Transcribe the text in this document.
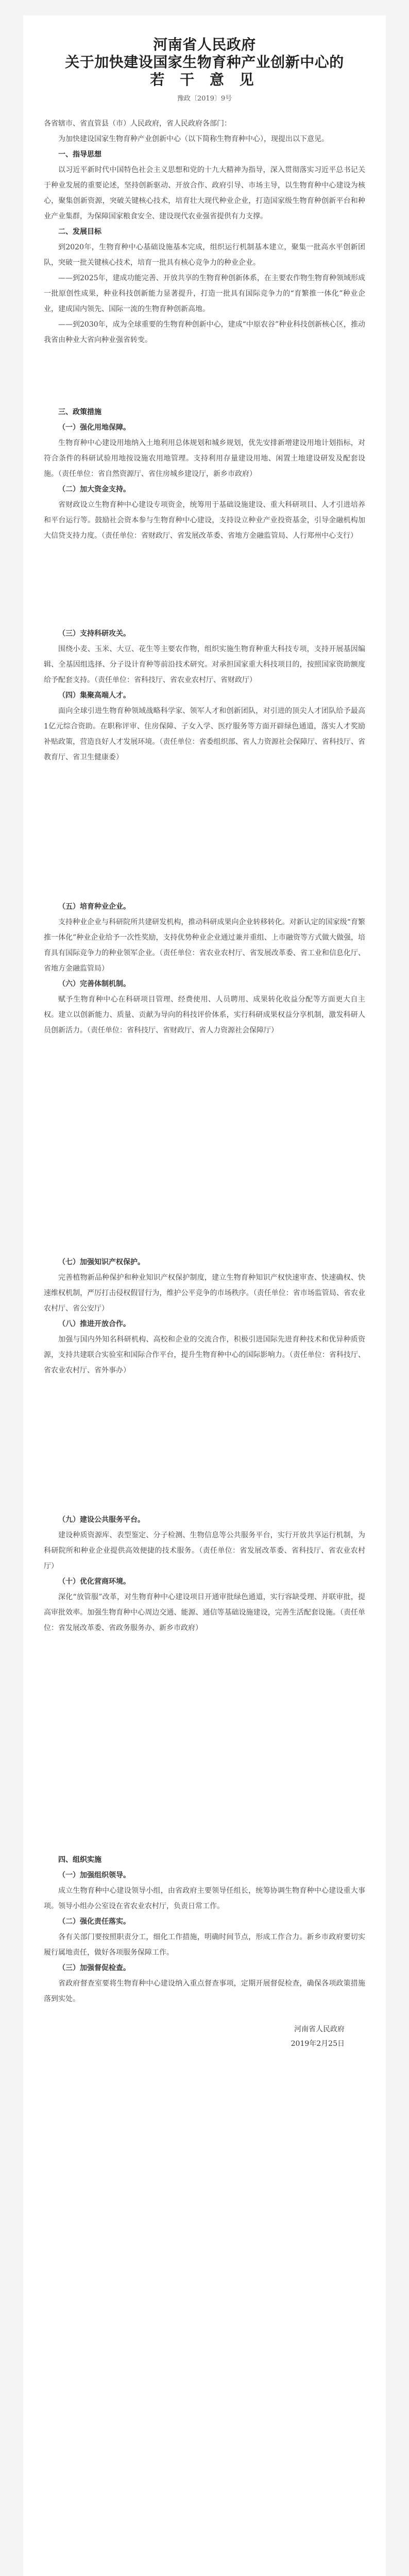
河南省人民政府
关于加快建设国家生物育种产业创新中心的
若 干 意 见
豫政〔2019〕9号

各省辖市、省直管县（市）人民政府，省人民政府各部门：

为加快建设国家生物育种产业创新中心（以下简称生物育种中心），现提出以下意见。

一、指导思想

以习近平新时代中国特色社会主义思想和党的十九大精神为指导，深入贯彻落实习近平总书记关于种业发展的重要论述，坚持创新驱动、开放合作、政府引导、市场主导，以生物育种中心建设为核心，聚集创新资源，突破关键核心技术，培育壮大现代种业企业，打造国家级生物育种创新平台和种业产业集群，为保障国家粮食安全、建设现代农业强省提供有力支撑。

二、发展目标

到2020年，生物育种中心基础设施基本完成，组织运行机制基本建立，聚集一批高水平创新团队，突破一批关键核心技术，培育一批具有核心竞争力的种业企业。

——到2025年，建成功能完善、开放共享的生物育种创新体系，在主要农作物生物育种领域形成一批原创性成果，种业科技创新能力显著提升，打造一批具有国际竞争力的“育繁推一体化”种业企业，建成国内领先、国际一流的生物育种创新高地。

——到2030年，成为全球重要的生物育种创新中心，建成“中原农谷”种业科技创新核心区，推动我省由种业大省向种业强省转变。

三、政策措施

（一）强化用地保障。

生物育种中心建设用地纳入土地利用总体规划和城乡规划，优先安排新增建设用地计划指标，对符合条件的科研试验用地按设施农用地管理。支持利用存量建设用地、闲置土地建设研发及配套设施。（责任单位：省自然资源厅、省住房城乡建设厅，新乡市政府）

（二）加大资金支持。

省财政设立生物育种中心建设专项资金，统筹用于基础设施建设、重大科研项目、人才引进培养和平台运行等。鼓励社会资本参与生物育种中心建设，支持设立种业产业投资基金，引导金融机构加大信贷支持力度。（责任单位：省财政厅、省发展改革委、省地方金融监管局、人行郑州中心支行）

（三）支持科研攻关。

围绕小麦、玉米、大豆、花生等主要农作物，组织实施生物育种重大科技专项，支持开展基因编辑、全基因组选择、分子设计育种等前沿技术研究。对承担国家重大科技项目的，按照国家资助额度给予配套支持。（责任单位：省科技厅、省农业农村厅、省财政厅）

（四）集聚高端人才。

面向全球引进生物育种领域战略科学家、领军人才和创新团队，对引进的顶尖人才团队给予最高1亿元综合资助。在职称评审、住房保障、子女入学、医疗服务等方面开辟绿色通道，落实人才奖励补贴政策，营造良好人才发展环境。（责任单位：省委组织部、省人力资源社会保障厅、省科技厅、省教育厅、省卫生健康委）

（五）培育种业企业。

支持种业企业与科研院所共建研发机构，推动科研成果向企业转移转化。对新认定的国家级“育繁推一体化”种业企业给予一次性奖励，支持优势种业企业通过兼并重组、上市融资等方式做大做强，培育具有国际竞争力的种业领军企业。（责任单位：省农业农村厅、省发展改革委、省工业和信息化厅、省地方金融监管局）

（六）完善体制机制。

赋予生物育种中心在科研项目管理、经费使用、人员聘用、成果转化收益分配等方面更大自主权。建立以创新能力、质量、贡献为导向的科技评价体系，实行科研成果权益分享机制，激发科研人员创新活力。（责任单位：省科技厅、省财政厅、省人力资源社会保障厅）

（七）加强知识产权保护。

完善植物新品种保护和种业知识产权保护制度，建立生物育种知识产权快速审查、快速确权、快速维权机制，严厉打击侵权假冒行为，维护公平竞争的市场秩序。（责任单位：省市场监管局、省农业农村厅、省公安厅）

（八）推进开放合作。

加强与国内外知名科研机构、高校和企业的交流合作，积极引进国际先进育种技术和优异种质资源，支持共建联合实验室和国际合作平台，提升生物育种中心的国际影响力。（责任单位：省科技厅、省农业农村厅、省外事办）

（九）建设公共服务平台。

建设种质资源库、表型鉴定、分子检测、生物信息等公共服务平台，实行开放共享运行机制，为科研院所和种业企业提供高效便捷的技术服务。（责任单位：省发展改革委、省科技厅、省农业农村厅）

（十）优化营商环境。

深化“放管服”改革，对生物育种中心建设项目开通审批绿色通道，实行容缺受理、并联审批，提高审批效率。加强生物育种中心周边交通、能源、通信等基础设施建设，完善生活配套设施。（责任单位：省发展改革委、省政务服务办、新乡市政府）

四、组织实施

（一）加强组织领导。

成立生物育种中心建设领导小组，由省政府主要领导任组长，统筹协调生物育种中心建设重大事项。领导小组办公室设在省农业农村厅，负责日常工作。

（二）强化责任落实。

各有关部门要按照职责分工，细化工作措施，明确时间节点，形成工作合力。新乡市政府要切实履行属地责任，做好各项服务保障工作。

（三）加强督促检查。

省政府督查室要将生物育种中心建设纳入重点督查事项，定期开展督促检查，确保各项政策措施落到实处。

河南省人民政府
2019年2月25日
